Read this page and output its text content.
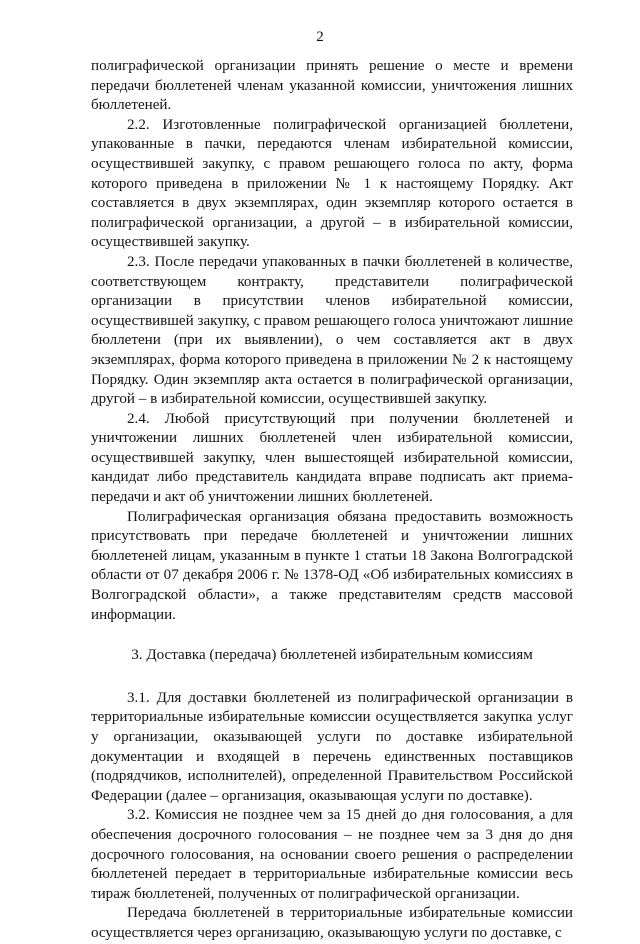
2

полиграфической организации принять решение о месте и времени передачи бюллетеней членам указанной комиссии, уничтожения лишних бюллетеней.

2.2. Изготовленные полиграфической организацией бюллетени, упакованные в пачки, передаются членам избирательной комиссии, осуществившей закупку, с правом решающего голоса по акту, форма которого приведена в приложении № 1 к настоящему Порядку. Акт составляется в двух экземплярах, один экземпляр которого остается в полиграфической организации, а другой – в избирательной комиссии, осуществившей закупку.

2.3. После передачи упакованных в пачки бюллетеней в количестве, соответствующем контракту, представители полиграфической организации в присутствии членов избирательной комиссии, осуществившей закупку, с правом решающего голоса уничтожают лишние бюллетени (при их выявлении), о чем составляется акт в двух экземплярах, форма которого приведена в приложении № 2 к настоящему Порядку. Один экземпляр акта остается в полиграфической организации, другой – в избирательной комиссии, осуществившей закупку.

2.4. Любой присутствующий при получении бюллетеней и уничтожении лишних бюллетеней член избирательной комиссии, осуществившей закупку, член вышестоящей избирательной комиссии, кандидат либо представитель кандидата вправе подписать акт приема-передачи и акт об уничтожении лишних бюллетеней.

Полиграфическая организация обязана предоставить возможность присутствовать при передаче бюллетеней и уничтожении лишних бюллетеней лицам, указанным в пункте 1 статьи 18 Закона Волгоградской области от 07 декабря 2006 г. № 1378-ОД «Об избирательных комиссиях в Волгоградской области», а также представителям средств массовой информации.

3. Доставка (передача) бюллетеней избирательным комиссиям

3.1. Для доставки бюллетеней из полиграфической организации в территориальные избирательные комиссии осуществляется закупка услуг у организации, оказывающей услуги по доставке избирательной документации и входящей в перечень единственных поставщиков (подрядчиков, исполнителей), определенной Правительством Российской Федерации (далее – организация, оказывающая услуги по доставке).

3.2. Комиссия не позднее чем за 15 дней до дня голосования, а для обеспечения досрочного голосования – не позднее чем за 3 дня до дня досрочного голосования, на основании своего решения о распределении бюллетеней передает в территориальные избирательные комиссии весь тираж бюллетеней, полученных от полиграфической организации.

Передача бюллетеней в территориальные избирательные комиссии осуществляется через организацию, оказывающую услуги по доставке, с
